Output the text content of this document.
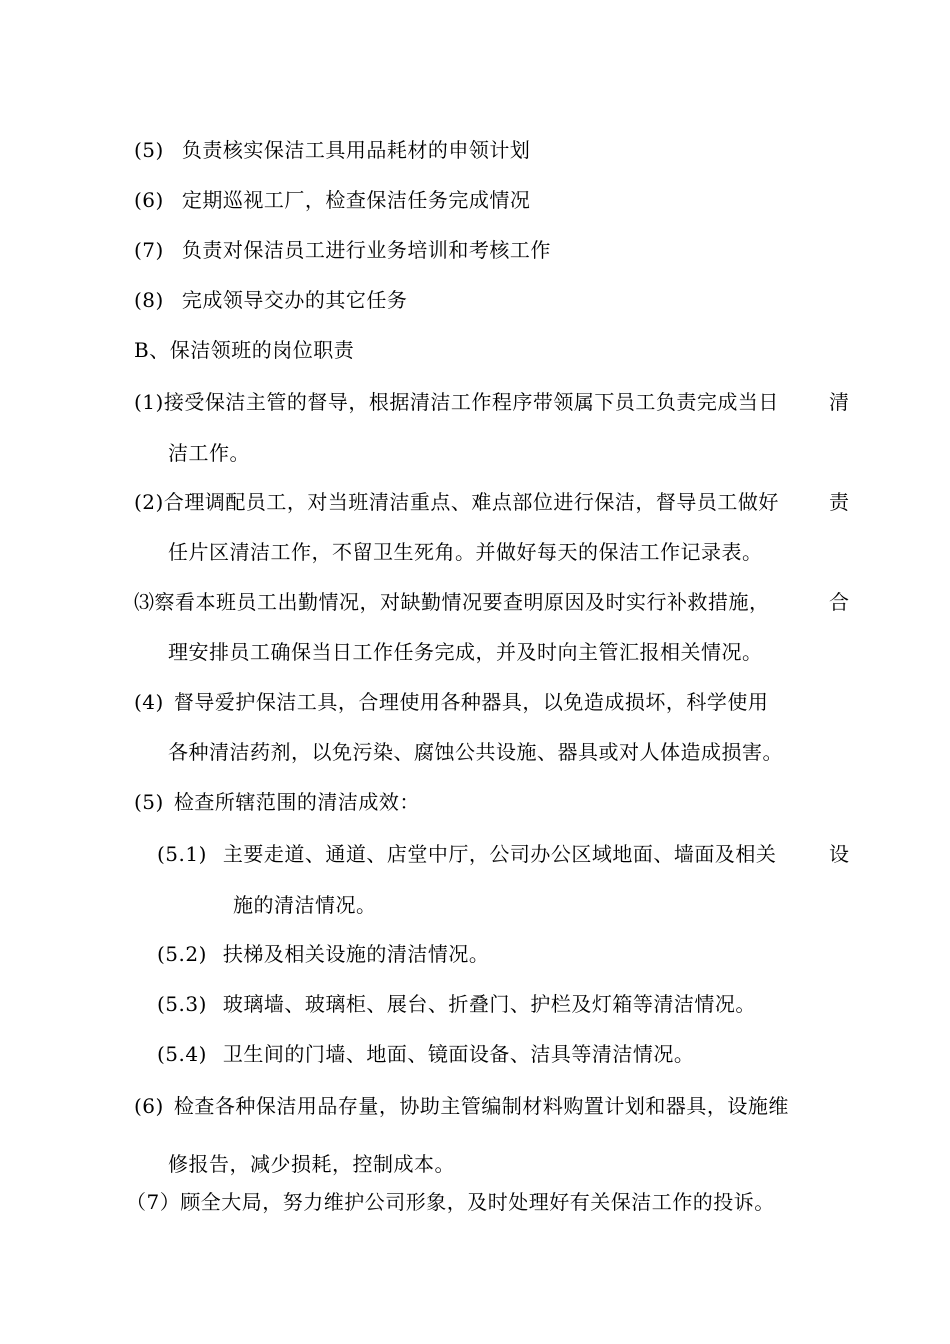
(5) 负责核实保洁工具用品耗材的申领计划
(6) 定期巡视工厂，检查保洁任务完成情况
(7) 负责对保洁员工进行业务培训和考核工作
(8) 完成领导交办的其它任务
B、保洁领班的岗位职责
(1)接受保洁主管的督导，根据清洁工作程序带领属下员工负责完成当日	清
洁工作。
(2)合理调配员工，对当班清洁重点、难点部位进行保洁，督导员工做好	责
任片区清洁工作，不留卫生死角。并做好每天的保洁工作记录表。
⑶察看本班员工出勤情况，对缺勤情况要查明原因及时实行补救措施，	合
理安排员工确保当日工作任务完成，并及时向主管汇报相关情况。
(4) 督导爱护保洁工具，合理使用各种器具，以免造成损坏，科学使用
各种清洁药剂，以免污染、腐蚀公共设施、器具或对人体造成损害。
(5) 检查所辖范围的清洁成效：
(5.1) 主要走道、通道、店堂中厅，公司办公区域地面、墙面及相关	设
施的清洁情况。
(5.2) 扶梯及相关设施的清洁情况。
(5.3) 玻璃墙、玻璃柜、展台、折叠门、护栏及灯箱等清洁情况。
(5.4) 卫生间的门墙、地面、镜面设备、洁具等清洁情况。
(6) 检查各种保洁用品存量，协助主管编制材料购置计划和器具，设施维
修报告，减少损耗，控制成本。
（7）顾全大局，努力维护公司形象，及时处理好有关保洁工作的投诉。
